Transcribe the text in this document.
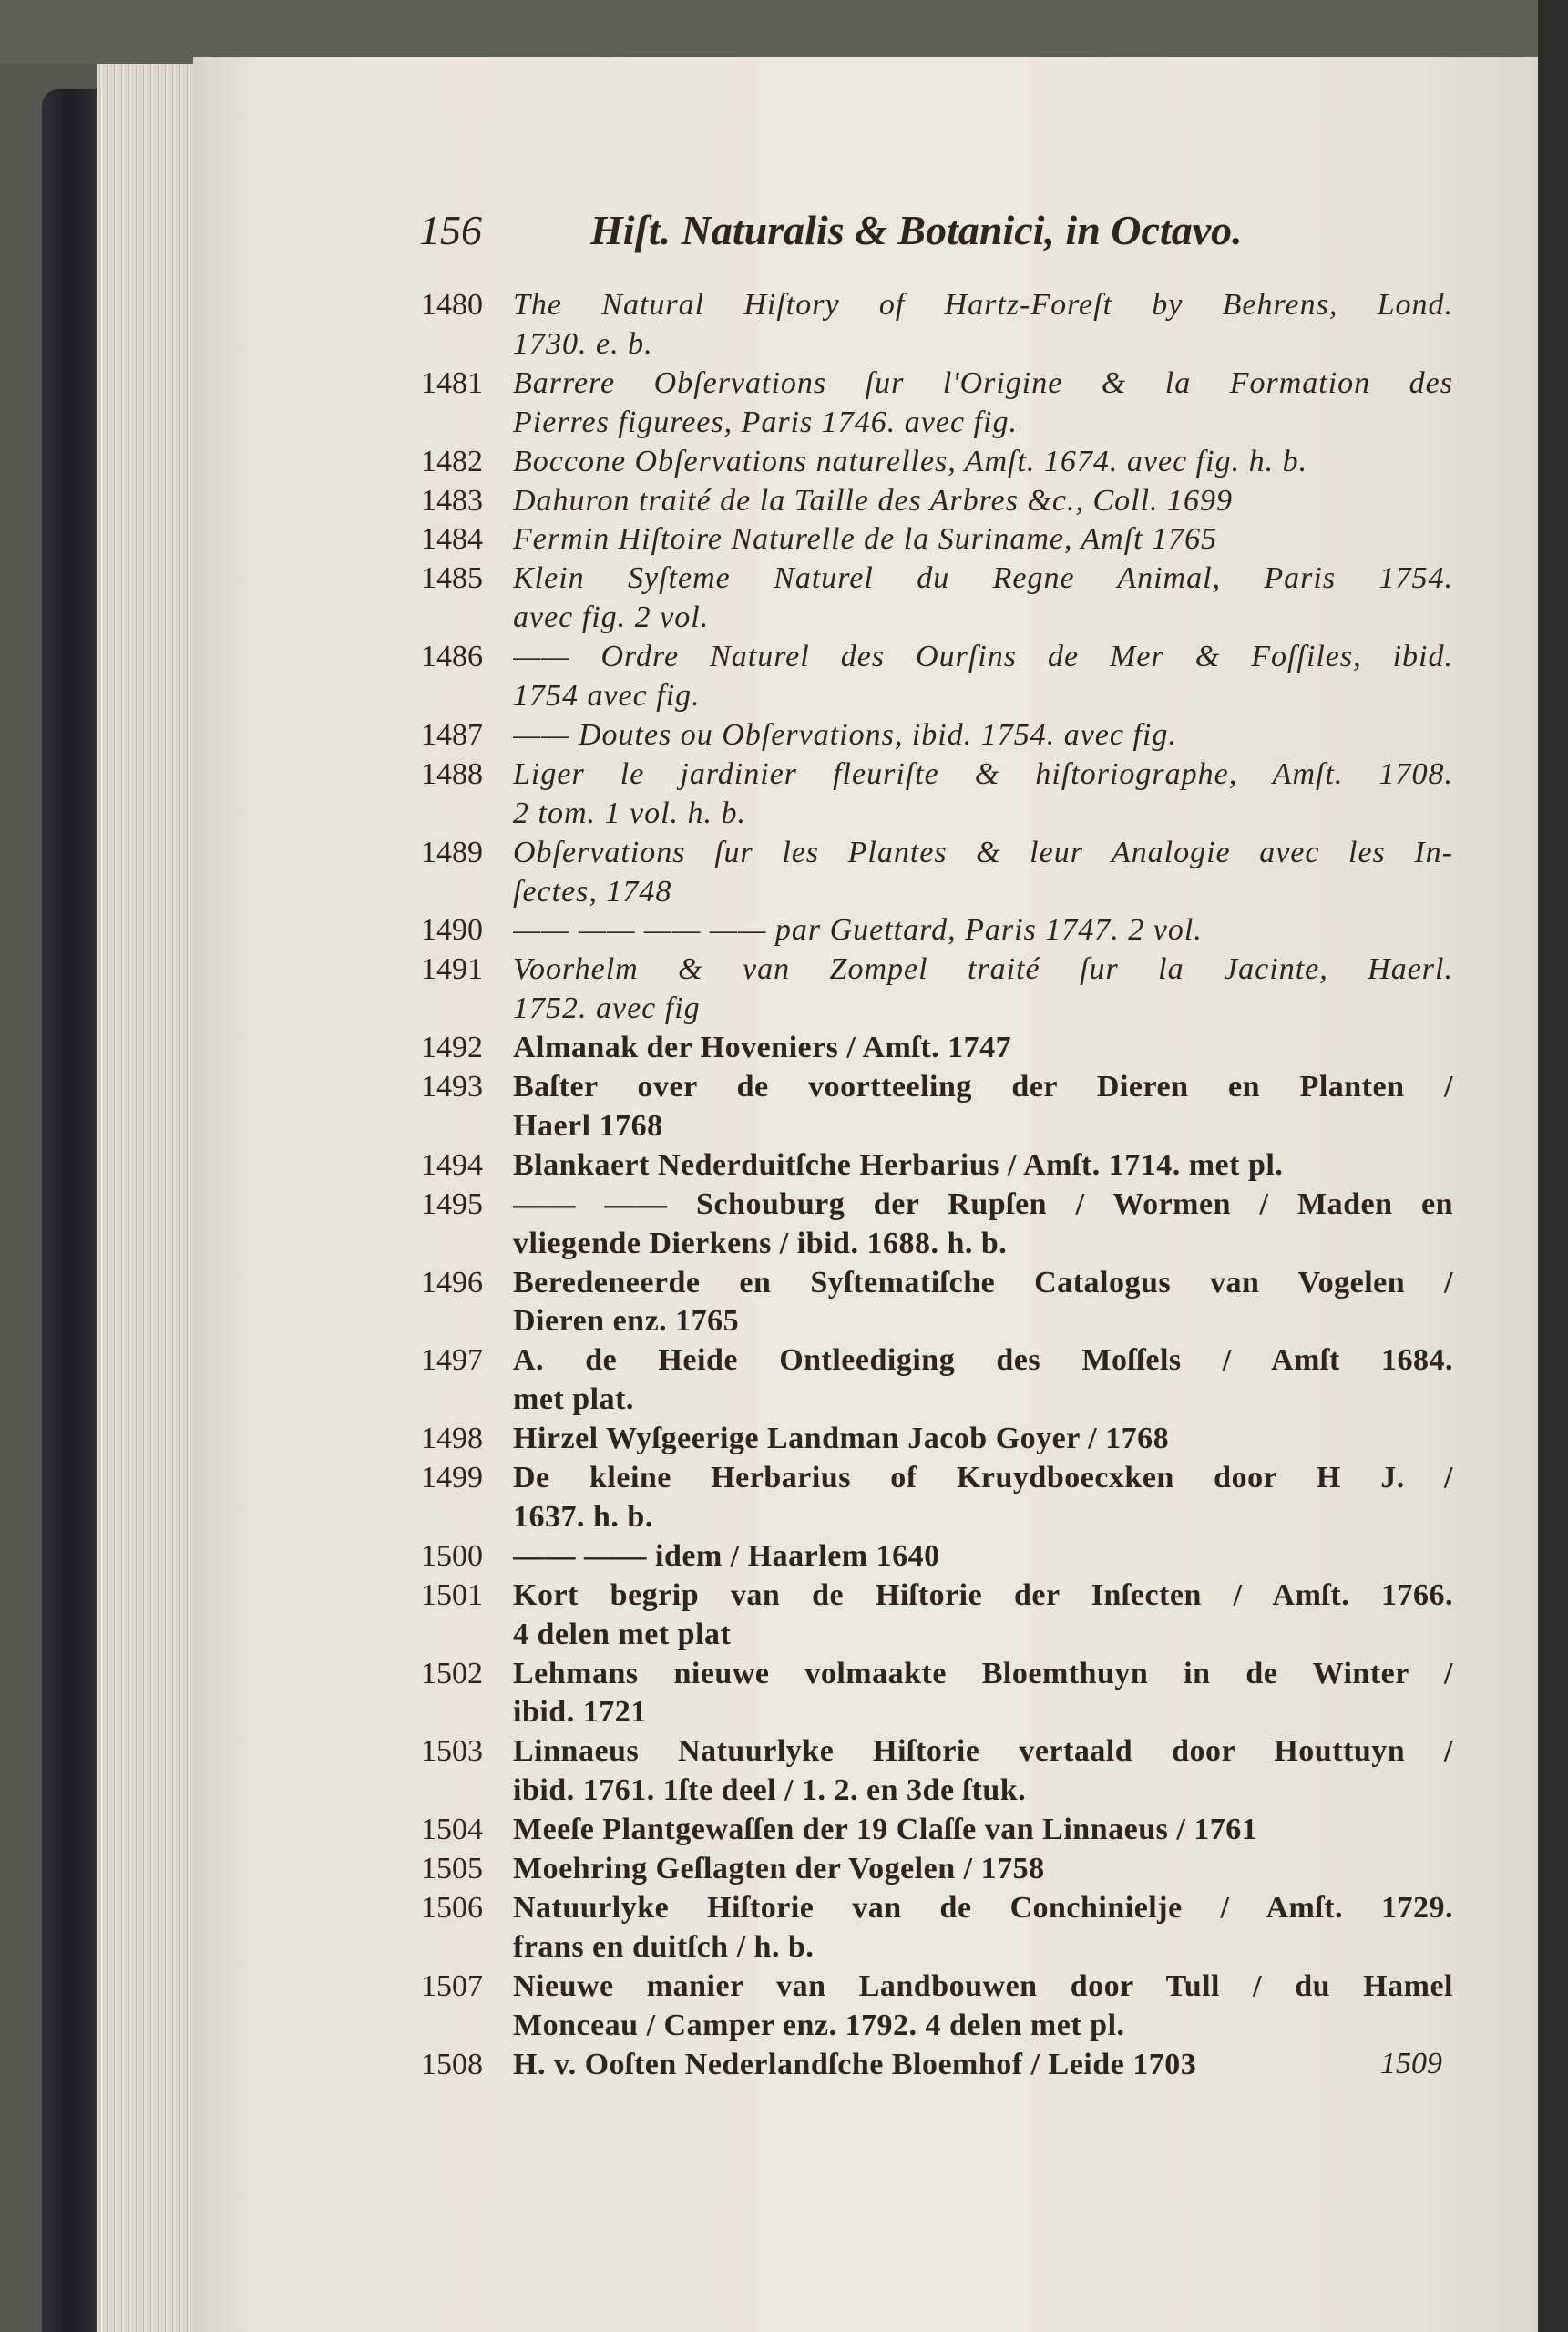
156	Hiſt. Naturalis & Botanici, in Octavo.
1480 The Natural Hiſtory of Hartz-Foreſt by Behrens, Lond.
1730. e. b.
1481 Barrere Obſervations ſur l'Origine & la Formation des
Pierres figurees, Paris 1746. avec fig.
1482 Boccone Obſervations naturelles, Amſt. 1674. avec fig. h. b.
1483 Dahuron traité de la Taille des Arbres &c., Coll. 1699
1484 Fermin Hiſtoire Naturelle de la Suriname, Amſt 1765
1485 Klein Syſteme Naturel du Regne Animal, Paris 1754.
avec fig. 2 vol.
1486 —— Ordre Naturel des Ourſins de Mer & Foſſiles, ibid.
1754 avec fig.
1487 —— Doutes ou Obſervations, ibid. 1754. avec fig.
1488 Liger le jardinier fleuriſte & hiſtoriographe, Amſt. 1708.
2 tom. 1 vol. h. b.
1489 Obſervations ſur les Plantes & leur Analogie avec les In-
ſectes, 1748
1490 —— —— —— —— par Guettard, Paris 1747. 2 vol.
1491 Voorhelm & van Zompel traité ſur la Jacinte, Haerl.
1752. avec fig
1492 Almanak der Hoveniers / Amſt. 1747
1493 Baſter over de voortteeling der Dieren en Planten /
Haerl 1768
1494 Blankaert Nederduitſche Herbarius / Amſt. 1714. met pl.
1495 —— —— Schouburg der Rupſen / Wormen / Maden en
vliegende Dierkens / ibid. 1688. h. b.
1496 Beredeneerde en Syſtematiſche Catalogus van Vogelen /
Dieren enz. 1765
1497 A. de Heide Ontleediging des Moſſels / Amſt 1684.
met plat.
1498 Hirzel Wyſgeerige Landman Jacob Goyer / 1768
1499 De kleine Herbarius of Kruydboecxken door H J. /
1637. h. b.
1500 —— —— idem / Haarlem 1640
1501 Kort begrip van de Hiſtorie der Inſecten / Amſt. 1766.
4 delen met plat
1502 Lehmans nieuwe volmaakte Bloemthuyn in de Winter /
ibid. 1721
1503 Linnaeus Natuurlyke Hiſtorie vertaald door Houttuyn /
ibid. 1761. 1ſte deel / 1. 2. en 3de ſtuk.
1504 Meeſe Plantgewaſſen der 19 Claſſe van Linnaeus / 1761
1505 Moehring Geſlagten der Vogelen / 1758
1506 Natuurlyke Hiſtorie van de Conchinielje / Amſt. 1729.
frans en duitſch / h. b.
1507 Nieuwe manier van Landbouwen door Tull / du Hamel
Monceau / Camper enz. 1792. 4 delen met pl.
1508 H. v. Ooſten Nederlandſche Bloemhof / Leide 1703	1509
